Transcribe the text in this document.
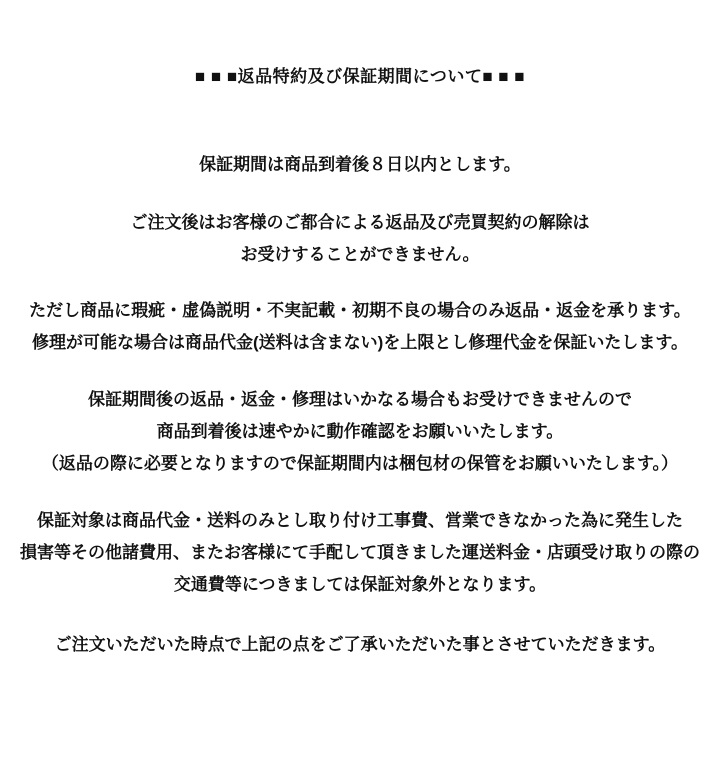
■ ■ ■返品特約及び保証期間について■ ■ ■
保証期間は商品到着後８日以内とします。
ご注文後はお客様のご都合による返品及び売買契約の解除は
お受けすることができません。
ただし商品に瑕疵・虚偽説明・不実記載・初期不良の場合のみ返品・返金を承ります。
修理が可能な場合は商品代金(送料は含まない)を上限とし修理代金を保証いたします。
保証期間後の返品・返金・修理はいかなる場合もお受けできませんので
商品到着後は速やかに動作確認をお願いいたします。
（返品の際に必要となりますので保証期間内は梱包材の保管をお願いいたします。）
保証対象は商品代金・送料のみとし取り付け工事費、営業できなかった為に発生した
損害等その他諸費用、またお客様にて手配して頂きました運送料金・店頭受け取りの際の
交通費等につきましては保証対象外となります。
ご注文いただいた時点で上記の点をご了承いただいた事とさせていただきます。
